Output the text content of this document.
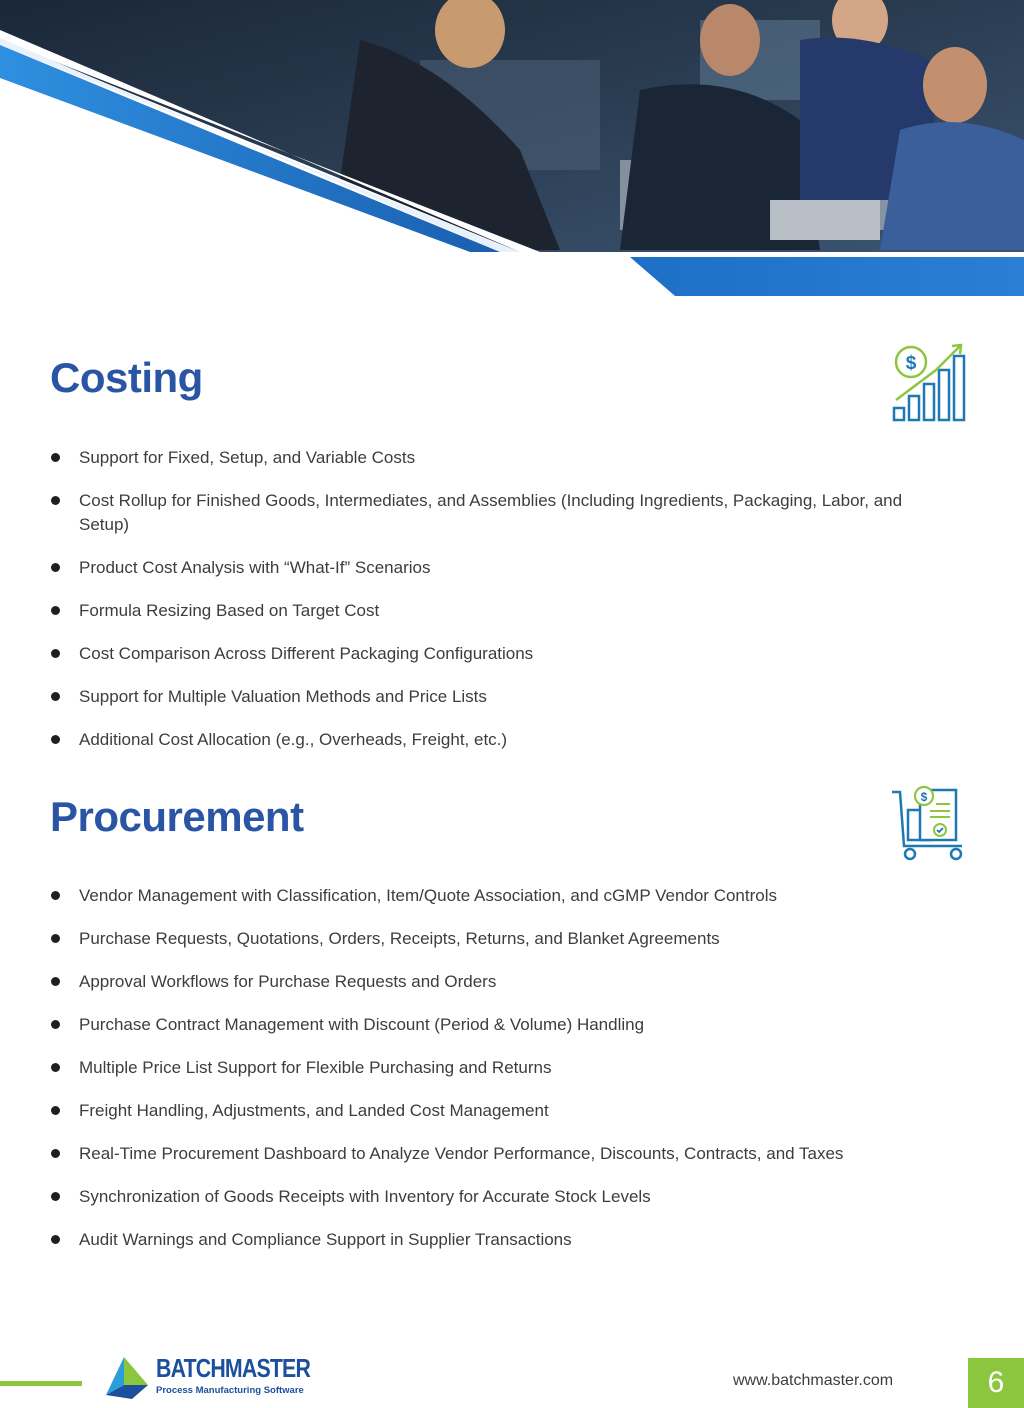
Costing	$
Support for Fixed, Setup, and Variable Costs
Cost Rollup for Finished Goods, Intermediates, and Assemblies (Including Ingredients, Packaging, Labor, and Setup)
Product Cost Analysis with “What-If” Scenarios
Formula Resizing Based on Target Cost
Cost Comparison Across Different Packaging Configurations
Support for Multiple Valuation Methods and Price Lists
Additional Cost Allocation (e.g., Overheads, Freight, etc.)
Procurement	$
Vendor Management with Classification, Item/Quote Association, and cGMP Vendor Controls
Purchase Requests, Quotations, Orders, Receipts, Returns, and Blanket Agreements
Approval Workflows for Purchase Requests and Orders
Purchase Contract Management with Discount (Period & Volume) Handling
Multiple Price List Support for Flexible Purchasing and Returns
Freight Handling, Adjustments, and Landed Cost Management
Real-Time Procurement Dashboard to Analyze Vendor Performance, Discounts, Contracts, and Taxes
Synchronization of Goods Receipts with Inventory for Accurate Stock Levels
Audit Warnings and Compliance Support in Supplier Transactions
BATCHMASTER
Process Manufacturing Software
www.batchmaster.com	6
